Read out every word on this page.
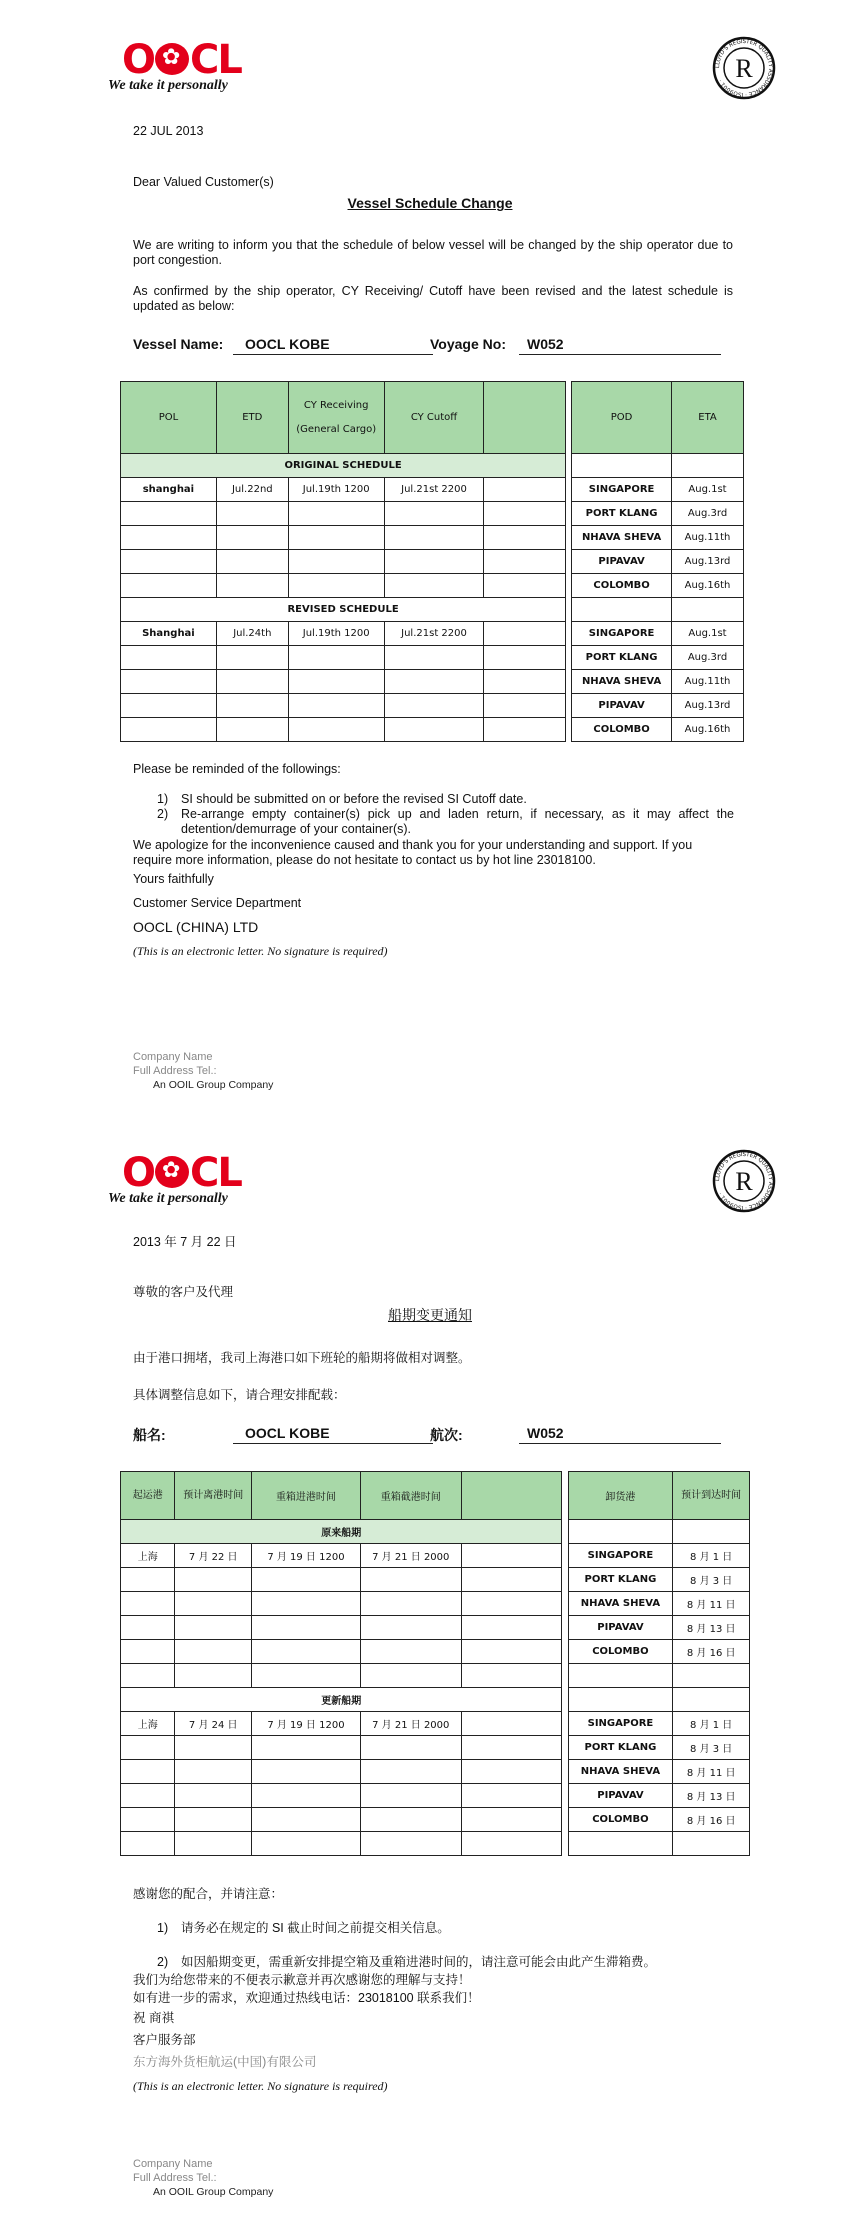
O ✿ CL
We take it personally
LLOYD'S REGISTER QUALITY ASSURANCE · ISO9001 · R
22 JUL 2013
Dear Valued Customer(s)
Vessel Schedule Change
We are writing to inform you that the schedule of below vessel will be changed by the ship operator due to port congestion.
As confirmed by the ship operator, CY Receiving/ Cutoff have been revised and the latest schedule is updated as below:
Vessel Name:	OOCL KOBE	Voyage No:	W052
POL	ETD	CY Receiving (General Cargo)	CY Cutoff			POD	ETA
ORIGINAL SCHEDULE							
shanghai	Jul.22nd	Jul.19th 1200	Jul.21st 2200			SINGAPORE	Aug.1st
						PORT KLANG	Aug.3rd
						NHAVA SHEVA	Aug.11th
						PIPAVAV	Aug.13rd
						COLOMBO	Aug.16th
REVISED SCHEDULE							
Shanghai	Jul.24th	Jul.19th 1200	Jul.21st 2200			SINGAPORE	Aug.1st
						PORT KLANG	Aug.3rd
						NHAVA SHEVA	Aug.11th
						PIPAVAV	Aug.13rd
						COLOMBO	Aug.16th
Please be reminded of the followings:
1) SI should be submitted on or before the revised SI Cutoff date.
2) Re-arrange empty container(s) pick up and laden return, if necessary, as it may affect the detention/demurrage of your container(s).
We apologize for the inconvenience caused and thank you for your understanding and support. If you require more information, please do not hesitate to contact us by hot line 23018100.
Yours faithfully
Customer Service Department
OOCL (CHINA) LTD
(This is an electronic letter. No signature is required)
Company Name
Full Address Tel.:
An OOIL Group Company
O ✿ CL
We take it personally
LLOYD'S REGISTER QUALITY ASSURANCE · ISO9001 · R
2013 年 7 月 22 日
尊敬的客户及代理
船期变更通知
由于港口拥堵，我司上海港口如下班轮的船期将做相对调整。
具体调整信息如下，请合理安排配载：
船名:	OOCL KOBE	航次:	W052
起运港	预计离港时间	重箱进港时间	重箱截港时间			卸货港	预计到达时间
原来船期							
上海	7 月 22 日	7 月 19 日 1200	7 月 21 日 2000			SINGAPORE	8 月 1 日
						PORT KLANG	8 月 3 日
						NHAVA SHEVA	8 月 11 日
						PIPAVAV	8 月 13 日
						COLOMBO	8 月 16 日

更新船期							
上海	7 月 24 日	7 月 19 日 1200	7 月 21 日 2000			SINGAPORE	8 月 1 日
						PORT KLANG	8 月 3 日
						NHAVA SHEVA	8 月 11 日
						PIPAVAV	8 月 13 日
						COLOMBO	8 月 16 日

感谢您的配合，并请注意：
1) 请务必在规定的 SI 截止时间之前提交相关信息。
2) 如因船期变更，需重新安排提空箱及重箱进港时间的，请注意可能会由此产生滞箱费。
我们为给您带来的不便表示歉意并再次感谢您的理解与支持！
如有进一步的需求，欢迎通过热线电话：23018100 联系我们！
祝 商祺
客户服务部
东方海外货柜航运(中国)有限公司
(This is an electronic letter. No signature is required)
Company Name
Full Address Tel.:
An OOIL Group Company
